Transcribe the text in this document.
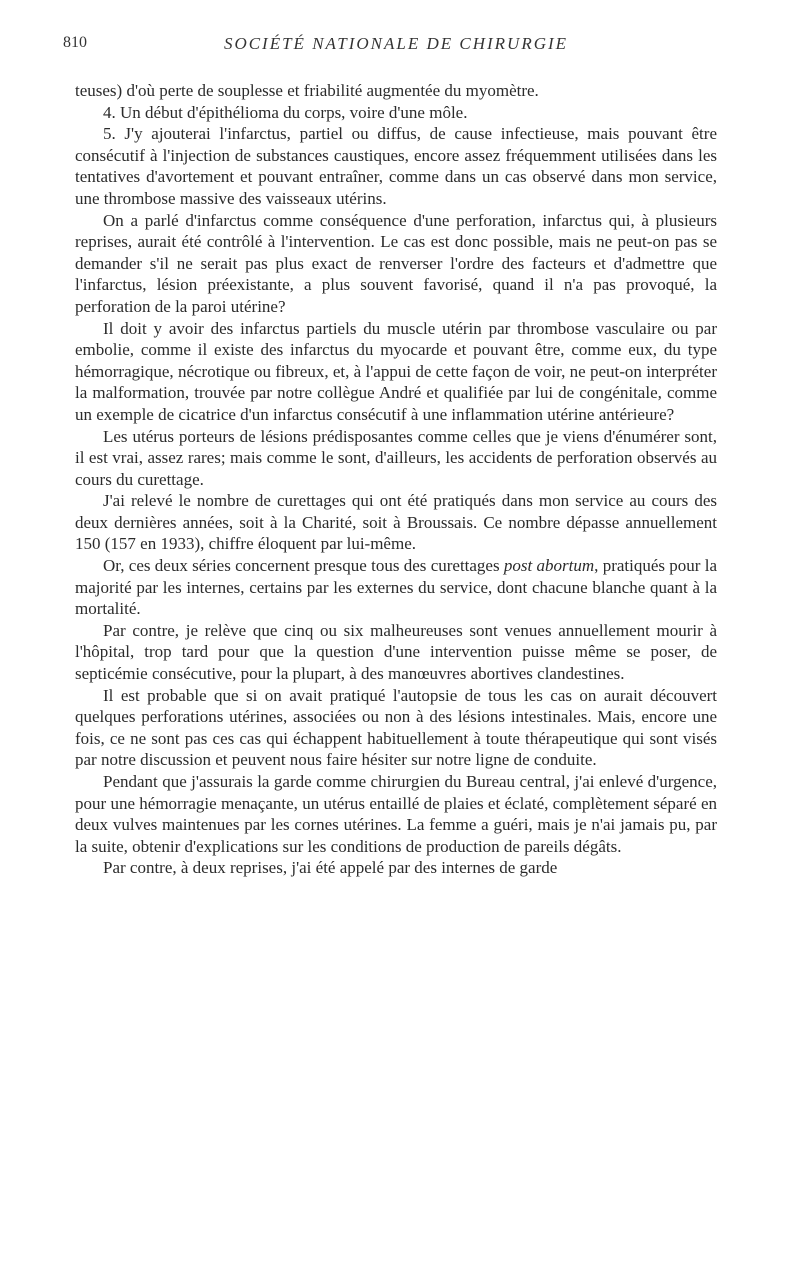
810	SOCIÉTÉ NATIONALE DE CHIRURGIE

teuses) d'où perte de souplesse et friabilité augmentée du myomètre.

4. Un début d'épithélioma du corps, voire d'une môle.

5. J'y ajouterai l'infarctus, partiel ou diffus, de cause infectieuse, mais pouvant être consécutif à l'injection de substances caustiques, encore assez fréquemment utilisées dans les tentatives d'avortement et pouvant entraîner, comme dans un cas observé dans mon service, une thrombose massive des vaisseaux utérins.

On a parlé d'infarctus comme conséquence d'une perforation, infarctus qui, à plusieurs reprises, aurait été contrôlé à l'intervention. Le cas est donc possible, mais ne peut-on pas se demander s'il ne serait pas plus exact de renverser l'ordre des facteurs et d'admettre que l'infarctus, lésion préexistante, a plus souvent favorisé, quand il n'a pas provoqué, la perforation de la paroi utérine?

Il doit y avoir des infarctus partiels du muscle utérin par thrombose vasculaire ou par embolie, comme il existe des infarctus du myocarde et pouvant être, comme eux, du type hémorragique, nécrotique ou fibreux, et, à l'appui de cette façon de voir, ne peut-on interpréter la malformation, trouvée par notre collègue André et qualifiée par lui de congénitale, comme un exemple de cicatrice d'un infarctus consécutif à une inflammation utérine antérieure?

Les utérus porteurs de lésions prédisposantes comme celles que je viens d'énumérer sont, il est vrai, assez rares; mais comme le sont, d'ailleurs, les accidents de perforation observés au cours du curettage.

J'ai relevé le nombre de curettages qui ont été pratiqués dans mon service au cours des deux dernières années, soit à la Charité, soit à Broussais. Ce nombre dépasse annuellement 150 (157 en 1933), chiffre éloquent par lui-même.

Or, ces deux séries concernent presque tous des curettages post abortum, pratiqués pour la majorité par les internes, certains par les externes du service, dont chacune blanche quant à la mortalité.

Par contre, je relève que cinq ou six malheureuses sont venues annuellement mourir à l'hôpital, trop tard pour que la question d'une intervention puisse même se poser, de septicémie consécutive, pour la plupart, à des manœuvres abortives clandestines.

Il est probable que si on avait pratiqué l'autopsie de tous les cas on aurait découvert quelques perforations utérines, associées ou non à des lésions intestinales. Mais, encore une fois, ce ne sont pas ces cas qui échappent habituellement à toute thérapeutique qui sont visés par notre discussion et peuvent nous faire hésiter sur notre ligne de conduite.

Pendant que j'assurais la garde comme chirurgien du Bureau central, j'ai enlevé d'urgence, pour une hémorragie menaçante, un utérus entaillé de plaies et éclaté, complètement séparé en deux vulves maintenues par les cornes utérines. La femme a guéri, mais je n'ai jamais pu, par la suite, obtenir d'explications sur les conditions de production de pareils dégâts.

Par contre, à deux reprises, j'ai été appelé par des internes de garde
